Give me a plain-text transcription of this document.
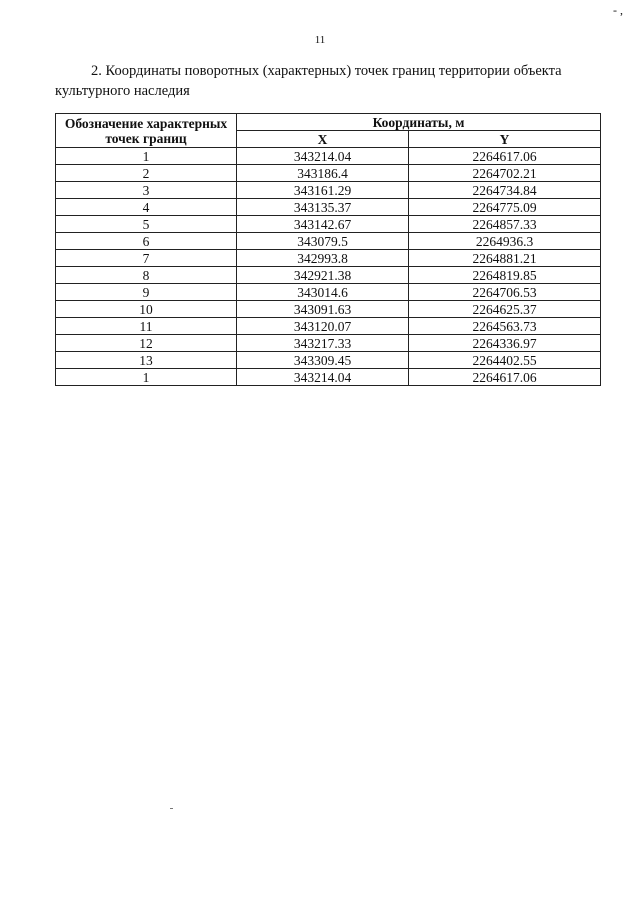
- ,
11

2. Координаты поворотных (характерных) точек границ территории объекта культурного наследия

Обозначение характерных точек границ	Координаты, м	
	X	Y
1	343214.04	2264617.06
2	343186.4	2264702.21
3	343161.29	2264734.84
4	343135.37	2264775.09
5	343142.67	2264857.33
6	343079.5	2264936.3
7	342993.8	2264881.21
8	342921.38	2264819.85
9	343014.6	2264706.53
10	343091.63	2264625.37
11	343120.07	2264563.73
12	343217.33	2264336.97
13	343309.45	2264402.55
1	343214.04	2264617.06
